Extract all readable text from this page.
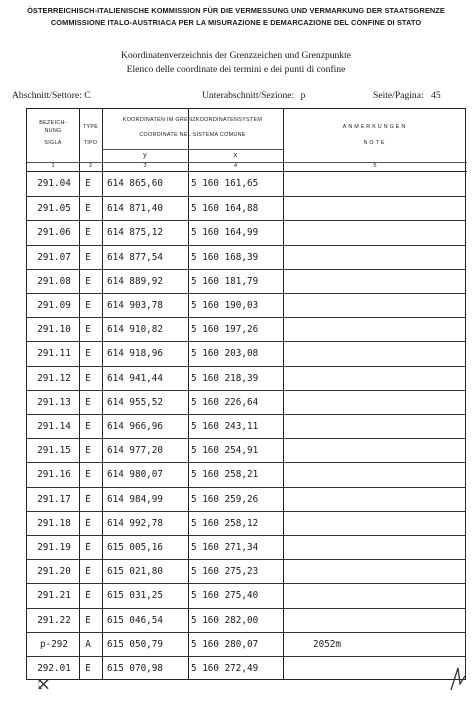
ÖSTERREICHISCH-ITALIENISCHE KOMMISSION FÜR DIE VERMESSUNG UND VERMARKUNG DER STAATSGRENZE
COMMISSIONE ITALO-AUSTRIACA PER LA MISURAZIONE E DEMARCAZIONE DEL CONFINE DI STATO
Koordinatenverzeichnis der Grenzzeichen und Grenzpunkte
Elenco delle coordinate dei termini e dei punti di confine
Abschnitt/Settore: C	Unterabschnitt/Sezione: p	Seite/Pagina: 45
BEZEICH-
NUNG
SIGLA
TYPE
TIPO
KOORDINATEN IM GRENZKOORDINATENSYSTEM
COORDINATE NEL SISTEMA COMUNE
y	x
ANMERKUNGEN
NOTE
1	2	3	4	5
291.04	E	614 865,60	5 160 161,65
291.05	E	614 871,40	5 160 164,88
291.06	E	614 875,12	5 160 164,99
291.07	E	614 877,54	5 160 168,39
291.08	E	614 889,92	5 160 181,79
291.09	E	614 903,78	5 160 190,03
291.10	E	614 910,82	5 160 197,26
291.11	E	614 918,96	5 160 203,08
291.12	E	614 941,44	5 160 218,39
291.13	E	614 955,52	5 160 226,64
291.14	E	614 966,96	5 160 243,11
291.15	E	614 977,20	5 160 254,91
291.16	E	614 980,07	5 160 258,21
291.17	E	614 984,99	5 160 259,26
291.18	E	614 992,78	5 160 258,12
291.19	E	615 005,16	5 160 271,34
291.20	E	615 021,80	5 160 275,23
291.21	E	615 031,25	5 160 275,40
291.22	E	615 046,54	5 160 282,00
p-292	A	615 050,79	5 160 280,07	2052m
292.01	E	615 070,98	5 160 272,49
⤪
